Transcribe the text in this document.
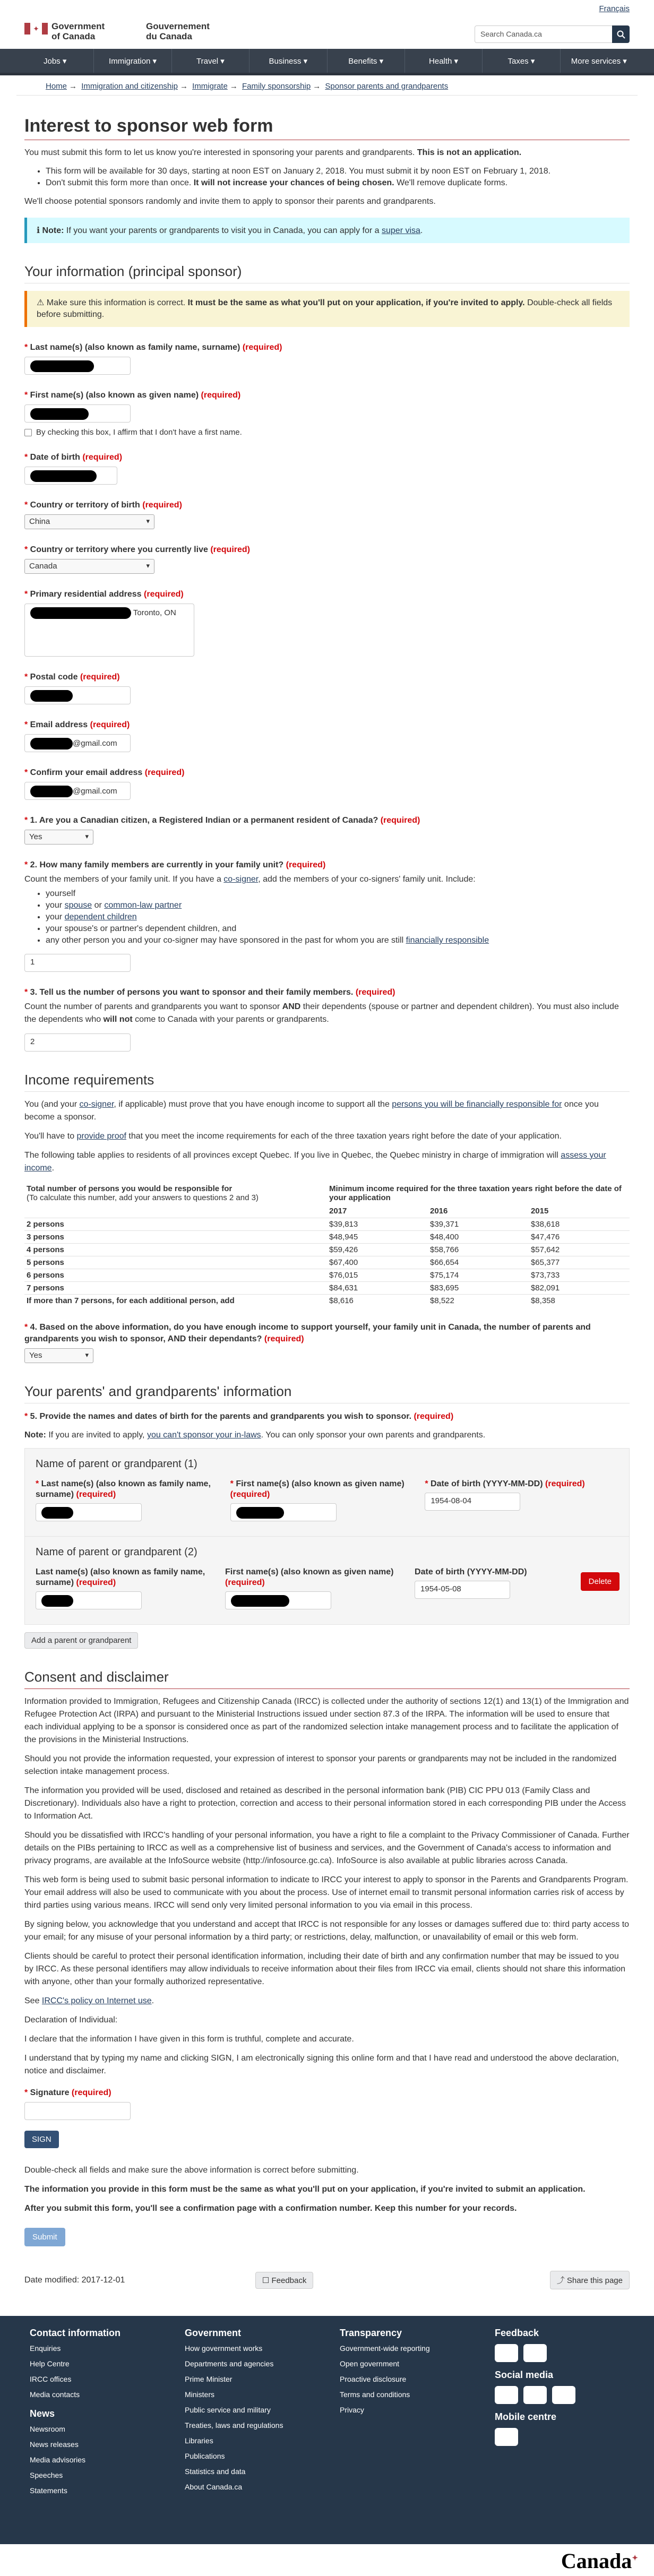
Français
✦	Government
of Canada
Gouvernement
du Canada	Search Canada.ca
Jobs ▾	Immigration ▾	Travel ▾	Business ▾	Benefits ▾	Health ▾	Taxes ▾	More services ▾
Home → Immigration and citizenship → Immigrate → Family sponsorship → Sponsor parents and grandparents
Interest to sponsor web form

You must submit this form to let us know you're interested in sponsoring your parents and grandparents. This is not an application.

• This form will be available for 30 days, starting at noon EST on January 2, 2018. You must submit it by noon EST on February 1, 2018.
• Don't submit this form more than once. It will not increase your chances of being chosen. We'll remove duplicate forms.

We'll choose potential sponsors randomly and invite them to apply to sponsor their parents and grandparents.

ℹ Note: If you want your parents or grandparents to visit you in Canada, you can apply for a super visa.
Your information (principal sponsor)
⚠ Make sure this information is correct. It must be the same as what you'll put on your application, if you're invited to apply. Double-check all fields before submitting.
* Last name(s) (also known as family name, surname) (required)
* First name(s) (also known as given name) (required)
By checking this box, I affirm that I don't have a first name.
* Date of birth (required)
* Country or territory of birth (required)
China ▾
* Country or territory where you currently live (required)
Canada ▾
* Primary residential address (required)
Toronto, ON
* Postal code (required)
* Email address (required)
@gmail.com
* Confirm your email address (required)
@gmail.com
* 1. Are you a Canadian citizen, a Registered Indian or a permanent resident of Canada? (required)
Yes ▾
* 2. How many family members are currently in your family unit? (required)

Count the members of your family unit. If you have a co-signer, add the members of your co-signers' family unit. Include:

• yourself
• your spouse or common-law partner
• your dependent children
• your spouse's or partner's dependent children, and
• any other person you and your co-signer may have sponsored in the past for whom you are still financially responsible
1
* 3. Tell us the number of persons you want to sponsor and their family members. (required)

Count the number of parents and grandparents you want to sponsor AND their dependents (spouse or partner and dependent children). You must also include the dependents who will not come to Canada with your parents or grandparents.

2
Income requirements

You (and your co-signer, if applicable) must prove that you have enough income to support all the persons you will be financially responsible for once you become a sponsor.

You'll have to provide proof that you meet the income requirements for each of the three taxation years right before the date of your application.

The following table applies to residents of all provinces except Quebec. If you live in Quebec, the Quebec ministry in charge of immigration will assess your income.

Total number of persons you would be responsible for
(To calculate this number, add your answers to questions 2 and 3)	Minimum income required for the three taxation years right before the date of your application		
	2017	2016	2015
2 persons	$39,813	$39,371	$38,618
3 persons	$48,945	$48,400	$47,476
4 persons	$59,426	$58,766	$57,642
5 persons	$67,400	$66,654	$65,377
6 persons	$76,015	$75,174	$73,733
7 persons	$84,631	$83,695	$82,091
If more than 7 persons, for each additional person, add	$8,616	$8,522	$8,358
* 4. Based on the above information, do you have enough income to support yourself, your family unit in Canada, the number of parents and grandparents you wish to sponsor, AND their dependants? (required)
Yes ▾
Your parents' and grandparents' information
* 5. Provide the names and dates of birth for the parents and grandparents you wish to sponsor. (required)

Note: If you are invited to apply, you can't sponsor your in-laws. You can only sponsor your own parents and grandparents.

Name of parent or grandparent (1)
* Last name(s) (also known as family name, surname) (required)
* First name(s) (also known as given name) (required)
* Date of birth (YYYY-MM-DD) (required)
1954-08-04
Name of parent or grandparent (2)
Last name(s) (also known as family name, surname) (required)
First name(s) (also known as given name) (required)
Date of birth (YYYY-MM-DD)
1954-05-08
Delete
Add a parent or grandparent
Consent and disclaimer

Information provided to Immigration, Refugees and Citizenship Canada (IRCC) is collected under the authority of sections 12(1) and 13(1) of the Immigration and Refugee Protection Act (IRPA) and pursuant to the Ministerial Instructions issued under section 87.3 of the IRPA. The information will be used to ensure that each individual applying to be a sponsor is considered once as part of the randomized selection intake management process and to facilitate the application of the provisions in the Ministerial Instructions.

Should you not provide the information requested, your expression of interest to sponsor your parents or grandparents may not be included in the randomized selection intake management process.

The information you provided will be used, disclosed and retained as described in the personal information bank (PIB) CIC PPU 013 (Family Class and Discretionary). Individuals also have a right to protection, correction and access to their personal information stored in each corresponding PIB under the Access to Information Act.

Should you be dissatisfied with IRCC's handling of your personal information, you have a right to file a complaint to the Privacy Commissioner of Canada. Further details on the PIBs pertaining to IRCC as well as a comprehensive list of business and services, and the Government of Canada's access to information and privacy programs, are available at the InfoSource website (http://infosource.gc.ca). InfoSource is also available at public libraries across Canada.

This web form is being used to submit basic personal information to indicate to IRCC your interest to apply to sponsor in the Parents and Grandparents Program. Your email address will also be used to communicate with you about the process. Use of internet email to transmit personal information carries risk of access by third parties using various means. IRCC will send only very limited personal information to you via email in this process.

By signing below, you acknowledge that you understand and accept that IRCC is not responsible for any losses or damages suffered due to: third party access to your email; for any misuse of your personal information by a third party; or restrictions, delay, malfunction, or unavailability of email or this web form.

Clients should be careful to protect their personal identification information, including their date of birth and any confirmation number that may be issued to you by IRCC. As these personal identifiers may allow individuals to receive information about their files from IRCC via email, clients should not share this information with anyone, other than your formally authorized representative.

See IRCC's policy on Internet use.

Declaration of Individual:

I declare that the information I have given in this form is truthful, complete and accurate.

I understand that by typing my name and clicking SIGN, I am electronically signing this online form and that I have read and understood the above declaration, notice and disclaimer.

* Signature (required)
SIGN

Double-check all fields and make sure the above information is correct before submitting.

The information you provide in this form must be the same as what you'll put on your application, if you're invited to submit an application.

After you submit this form, you'll see a confirmation page with a confirmation number. Keep this number for your records.

Submit
Date modified: 2017-12-01	☐ Feedback	⤴ Share this page
Contact information
Enquiries
Help Centre
IRCC offices
Media contacts
News
Newsroom
News releases
Media advisories
Speeches
Statements
Government
How government works
Departments and agencies
Prime Minister
Ministers
Public service and military
Treaties, laws and regulations
Libraries
Publications
Statistics and data
About Canada.ca
Transparency
Government-wide reporting
Open government
Proactive disclosure
Terms and conditions
Privacy
Feedback
Social media
Mobile centre
Canada✦
